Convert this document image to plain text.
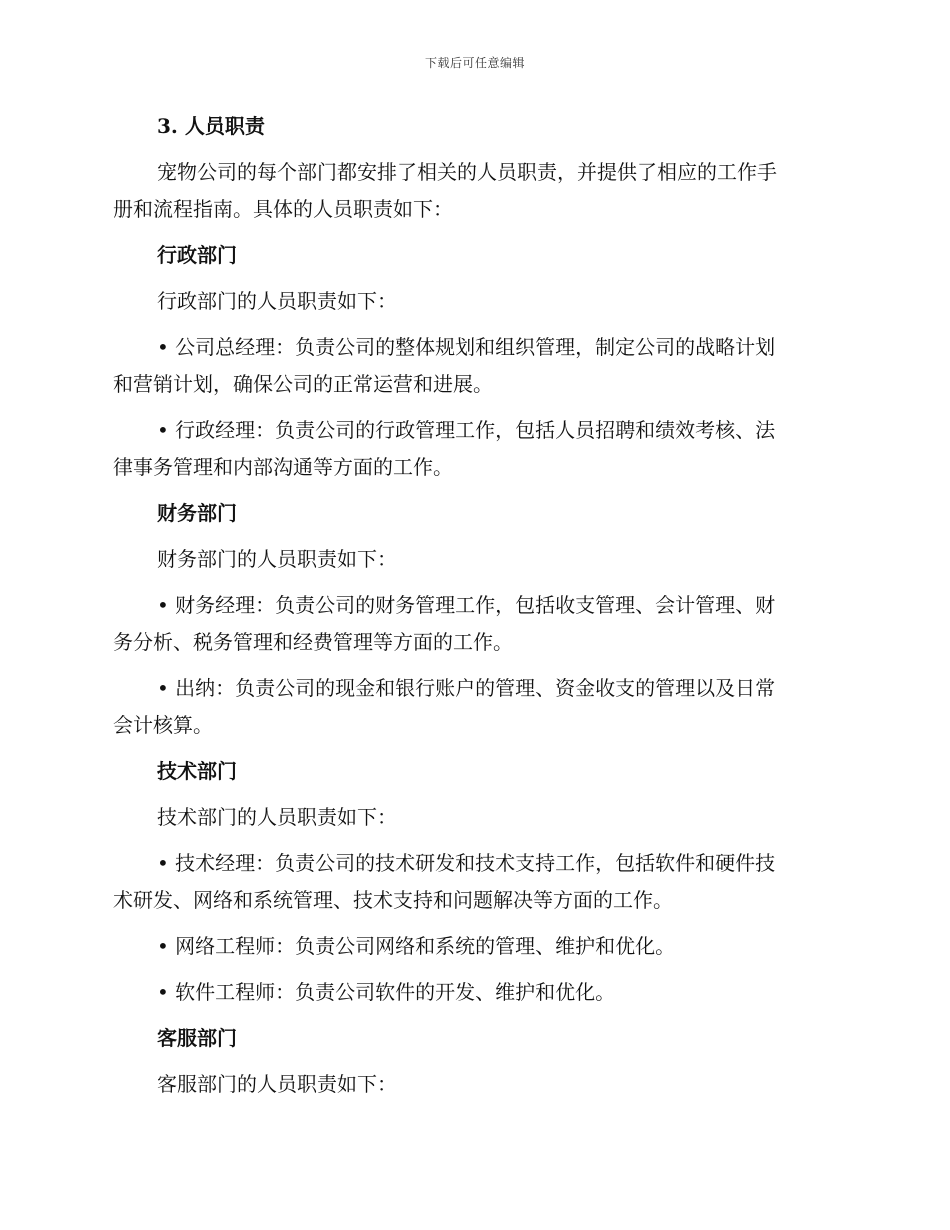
下载后可任意编辑
3. 人员职责
宠物公司的每个部门都安排了相关的人员职责，并提供了相应的工作手
册和流程指南。具体的人员职责如下：
行政部门
行政部门的人员职责如下：
• 公司总经理：负责公司的整体规划和组织管理，制定公司的战略计划
和营销计划，确保公司的正常运营和进展。
• 行政经理：负责公司的行政管理工作，包括人员招聘和绩效考核、法
律事务管理和内部沟通等方面的工作。
财务部门
财务部门的人员职责如下：
• 财务经理：负责公司的财务管理工作，包括收支管理、会计管理、财
务分析、税务管理和经费管理等方面的工作。
• 出纳：负责公司的现金和银行账户的管理、资金收支的管理以及日常
会计核算。
技术部门
技术部门的人员职责如下：
• 技术经理：负责公司的技术研发和技术支持工作，包括软件和硬件技
术研发、网络和系统管理、技术支持和问题解决等方面的工作。
• 网络工程师：负责公司网络和系统的管理、维护和优化。
• 软件工程师：负责公司软件的开发、维护和优化。
客服部门
客服部门的人员职责如下：
